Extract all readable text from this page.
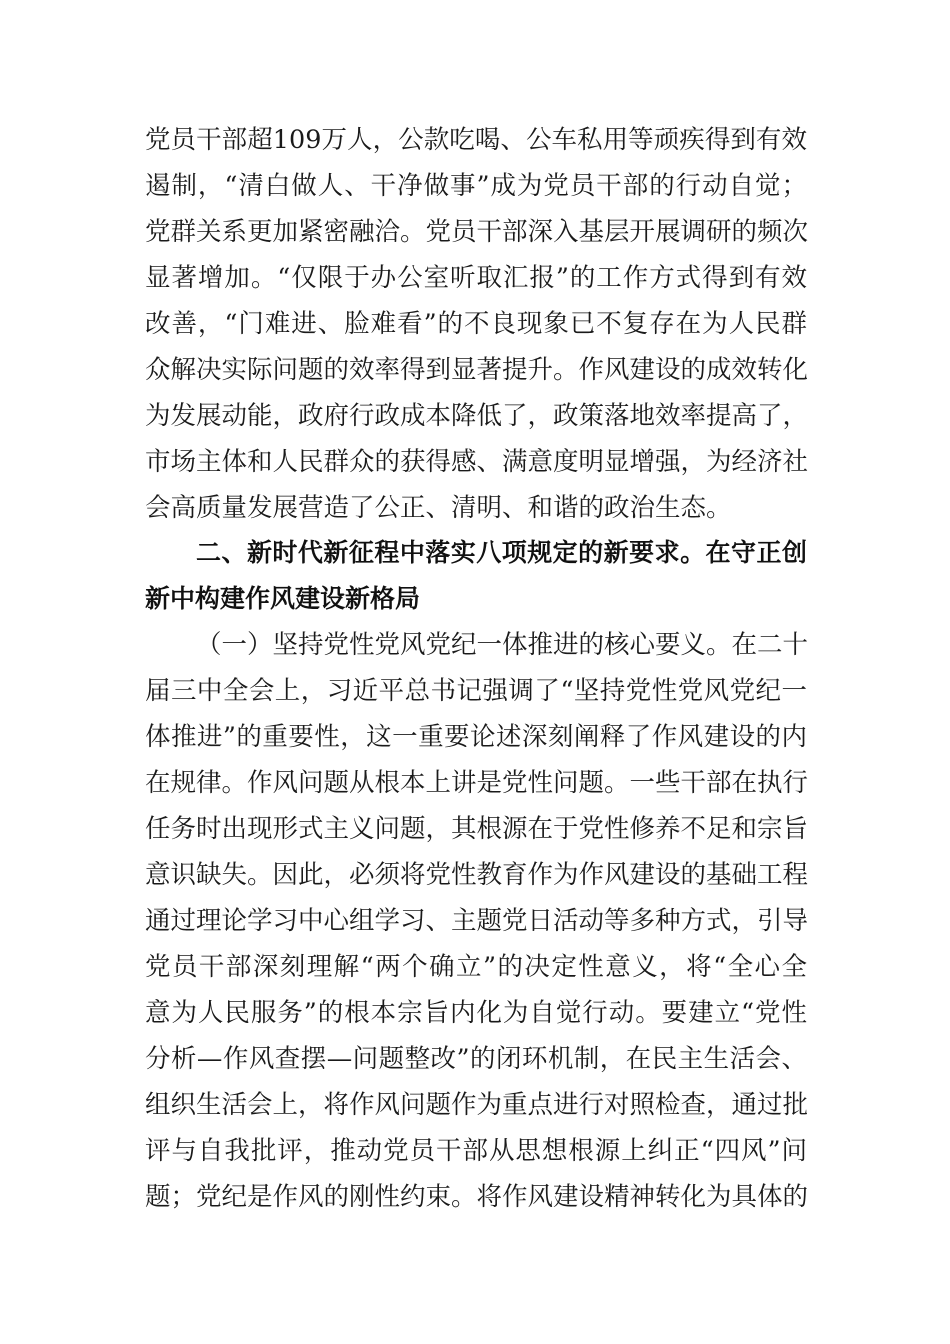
党员干部超109万人，公款吃喝、公车私用等顽疾得到有效
遏制，“清白做人、干净做事”成为党员干部的行动自觉；
党群关系更加紧密融洽。党员干部深入基层开展调研的频次
显著增加。“仅限于办公室听取汇报”的工作方式得到有效
改善，“门难进、脸难看”的不良现象已不复存在为人民群
众解决实际问题的效率得到显著提升。作风建设的成效转化
为发展动能，政府行政成本降低了，政策落地效率提高了，
市场主体和人民群众的获得感、满意度明显增强，为经济社
会高质量发展营造了公正、清明、和谐的政治生态。
二、新时代新征程中落实八项规定的新要求。在守正创
新中构建作风建设新格局
（一）坚持党性党风党纪一体推进的核心要义。在二十
届三中全会上，习近平总书记强调了“坚持党性党风党纪一
体推进”的重要性，这一重要论述深刻阐释了作风建设的内
在规律。作风问题从根本上讲是党性问题。一些干部在执行
任务时出现形式主义问题，其根源在于党性修养不足和宗旨
意识缺失。因此，必须将党性教育作为作风建设的基础工程
通过理论学习中心组学习、主题党日活动等多种方式，引导
党员干部深刻理解“两个确立”的决定性意义，将“全心全
意为人民服务”的根本宗旨内化为自觉行动。要建立“党性
分析—作风查摆—问题整改”的闭环机制，在民主生活会、
组织生活会上，将作风问题作为重点进行对照检查，通过批
评与自我批评，推动党员干部从思想根源上纠正“四风”问
题；党纪是作风的刚性约束。将作风建设精神转化为具体的
